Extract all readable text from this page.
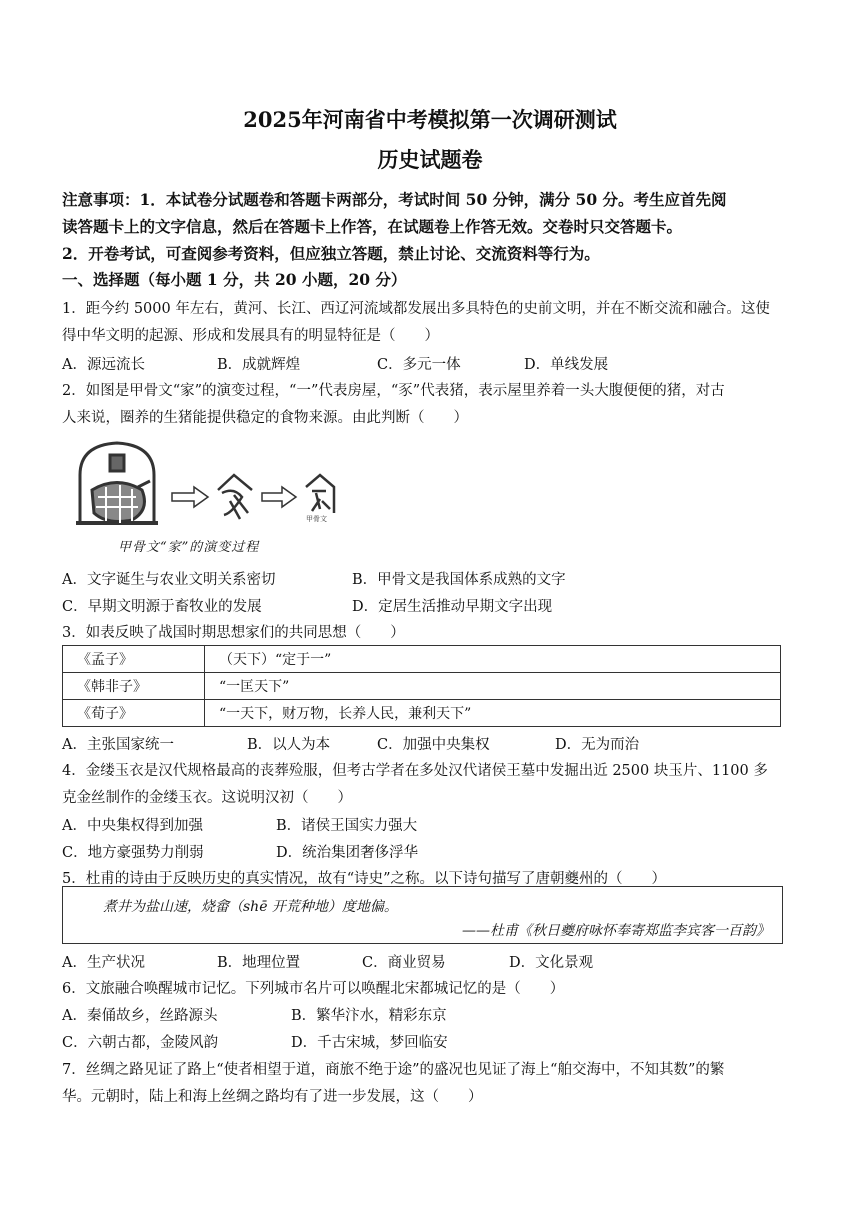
2025年河南省中考模拟第一次调研测试
历史试题卷
注意事项：1．本试卷分试题卷和答题卡两部分，考试时间 50 分钟，满分 50 分。考生应首先阅
读答题卡上的文字信息，然后在答题卡上作答，在试题卷上作答无效。交卷时只交答题卡。
2．开卷考试，可查阅参考资料，但应独立答题，禁止讨论、交流资料等行为。
一、选择题（每小题 1 分，共 20 小题，20 分）
1．距今约 5000 年左右，黄河、长江、西辽河流域都发展出多具特色的史前文明，并在不断交流和融合。这使
得中华文明的起源、形成和发展具有的明显特征是（　　）
A．源远流长	B．成就辉煌	C．多元一体	D．单线发展
2．如图是甲骨文“家”的演变过程，“一”代表房屋，“豕”代表猪，表示屋里养着一头大腹便便的猪，对古
人来说，圈养的生猪能提供稳定的食物来源。由此判断（　　）
甲骨文
甲骨文“家”的演变过程
A．文字诞生与农业文明关系密切	B．甲骨文是我国体系成熟的文字
C．早期文明源于畜牧业的发展	D．定居生活推动早期文字出现
3．如表反映了战国时期思想家们的共同思想（　　）
《孟子》	（天下）“定于一”
《韩非子》	“一匡天下”
《荀子》	“一天下，财万物，长养人民，兼利天下”
A．主张国家统一	B．以人为本	C．加强中央集权	D．无为而治
4．金缕玉衣是汉代规格最高的丧葬殓服，但考古学者在多处汉代诸侯王墓中发掘出近 2500 块玉片、1100 多
克金丝制作的金缕玉衣。这说明汉初（　　）
A．中央集权得到加强	B．诸侯王国实力强大
C．地方豪强势力削弱	D．统治集团奢侈浮华
5．杜甫的诗由于反映历史的真实情况，故有“诗史”之称。以下诗句描写了唐朝夔州的（　　）
煮井为盐山速，烧畲（shē 开荒种地）度地偏。
——杜甫《秋日夔府咏怀奉寄郑监李宾客一百韵》
A．生产状况	B．地理位置	C．商业贸易	D．文化景观
6．文旅融合唤醒城市记忆。下列城市名片可以唤醒北宋都城记忆的是（　　）
A．秦俑故乡，丝路源头	B．繁华汴水，精彩东京
C．六朝古都，金陵风韵	D．千古宋城，梦回临安
7．丝绸之路见证了路上“使者相望于道，商旅不绝于途”的盛况也见证了海上“舶交海中，不知其数”的繁
华。元朝时，陆上和海上丝绸之路均有了进一步发展，这（　　）
